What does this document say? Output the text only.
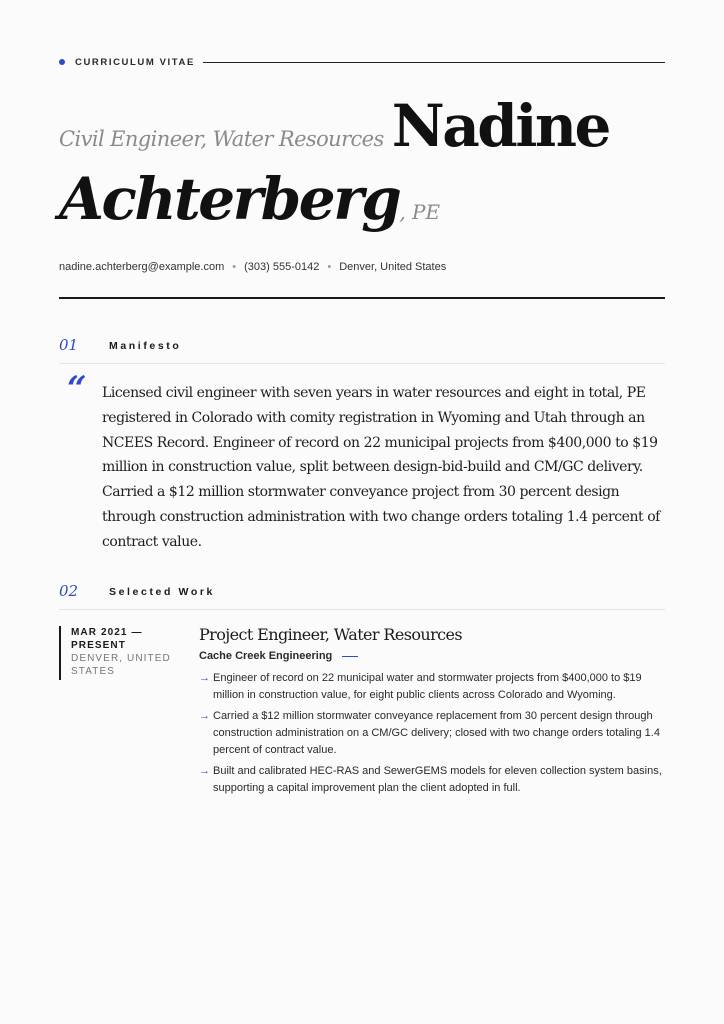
CURRICULUM VITAE
Civil Engineer, Water Resources Nadine
Achterberg, PE
nadine.achterberg@example.com • (303) 555-0142 • Denver, United States
01	Manifesto
“ Licensed civil engineer with seven years in water resources and eight in total, PE registered in Colorado with comity registration in Wyoming and Utah through an NCEES Record. Engineer of record on 22 municipal projects from $400,000 to $19 million in construction value, split between design-bid-build and CM/GC delivery. Carried a $12 million stormwater conveyance project from 30 percent design through construction administration with two change orders totaling 1.4 percent of contract value.

02	Selected Work
MAR 2021 — PRESENT
DENVER, UNITED STATES
Project Engineer, Water Resources
Cache Creek Engineering
→ Engineer of record on 22 municipal water and stormwater projects from $400,000 to $19 million in construction value, for eight public clients across Colorado and Wyoming.
→ Carried a $12 million stormwater conveyance replacement from 30 percent design through construction administration on a CM/GC delivery; closed with two change orders totaling 1.4 percent of contract value.
→ Built and calibrated HEC-RAS and SewerGEMS models for eleven collection system basins, supporting a capital improvement plan the client adopted in full.
